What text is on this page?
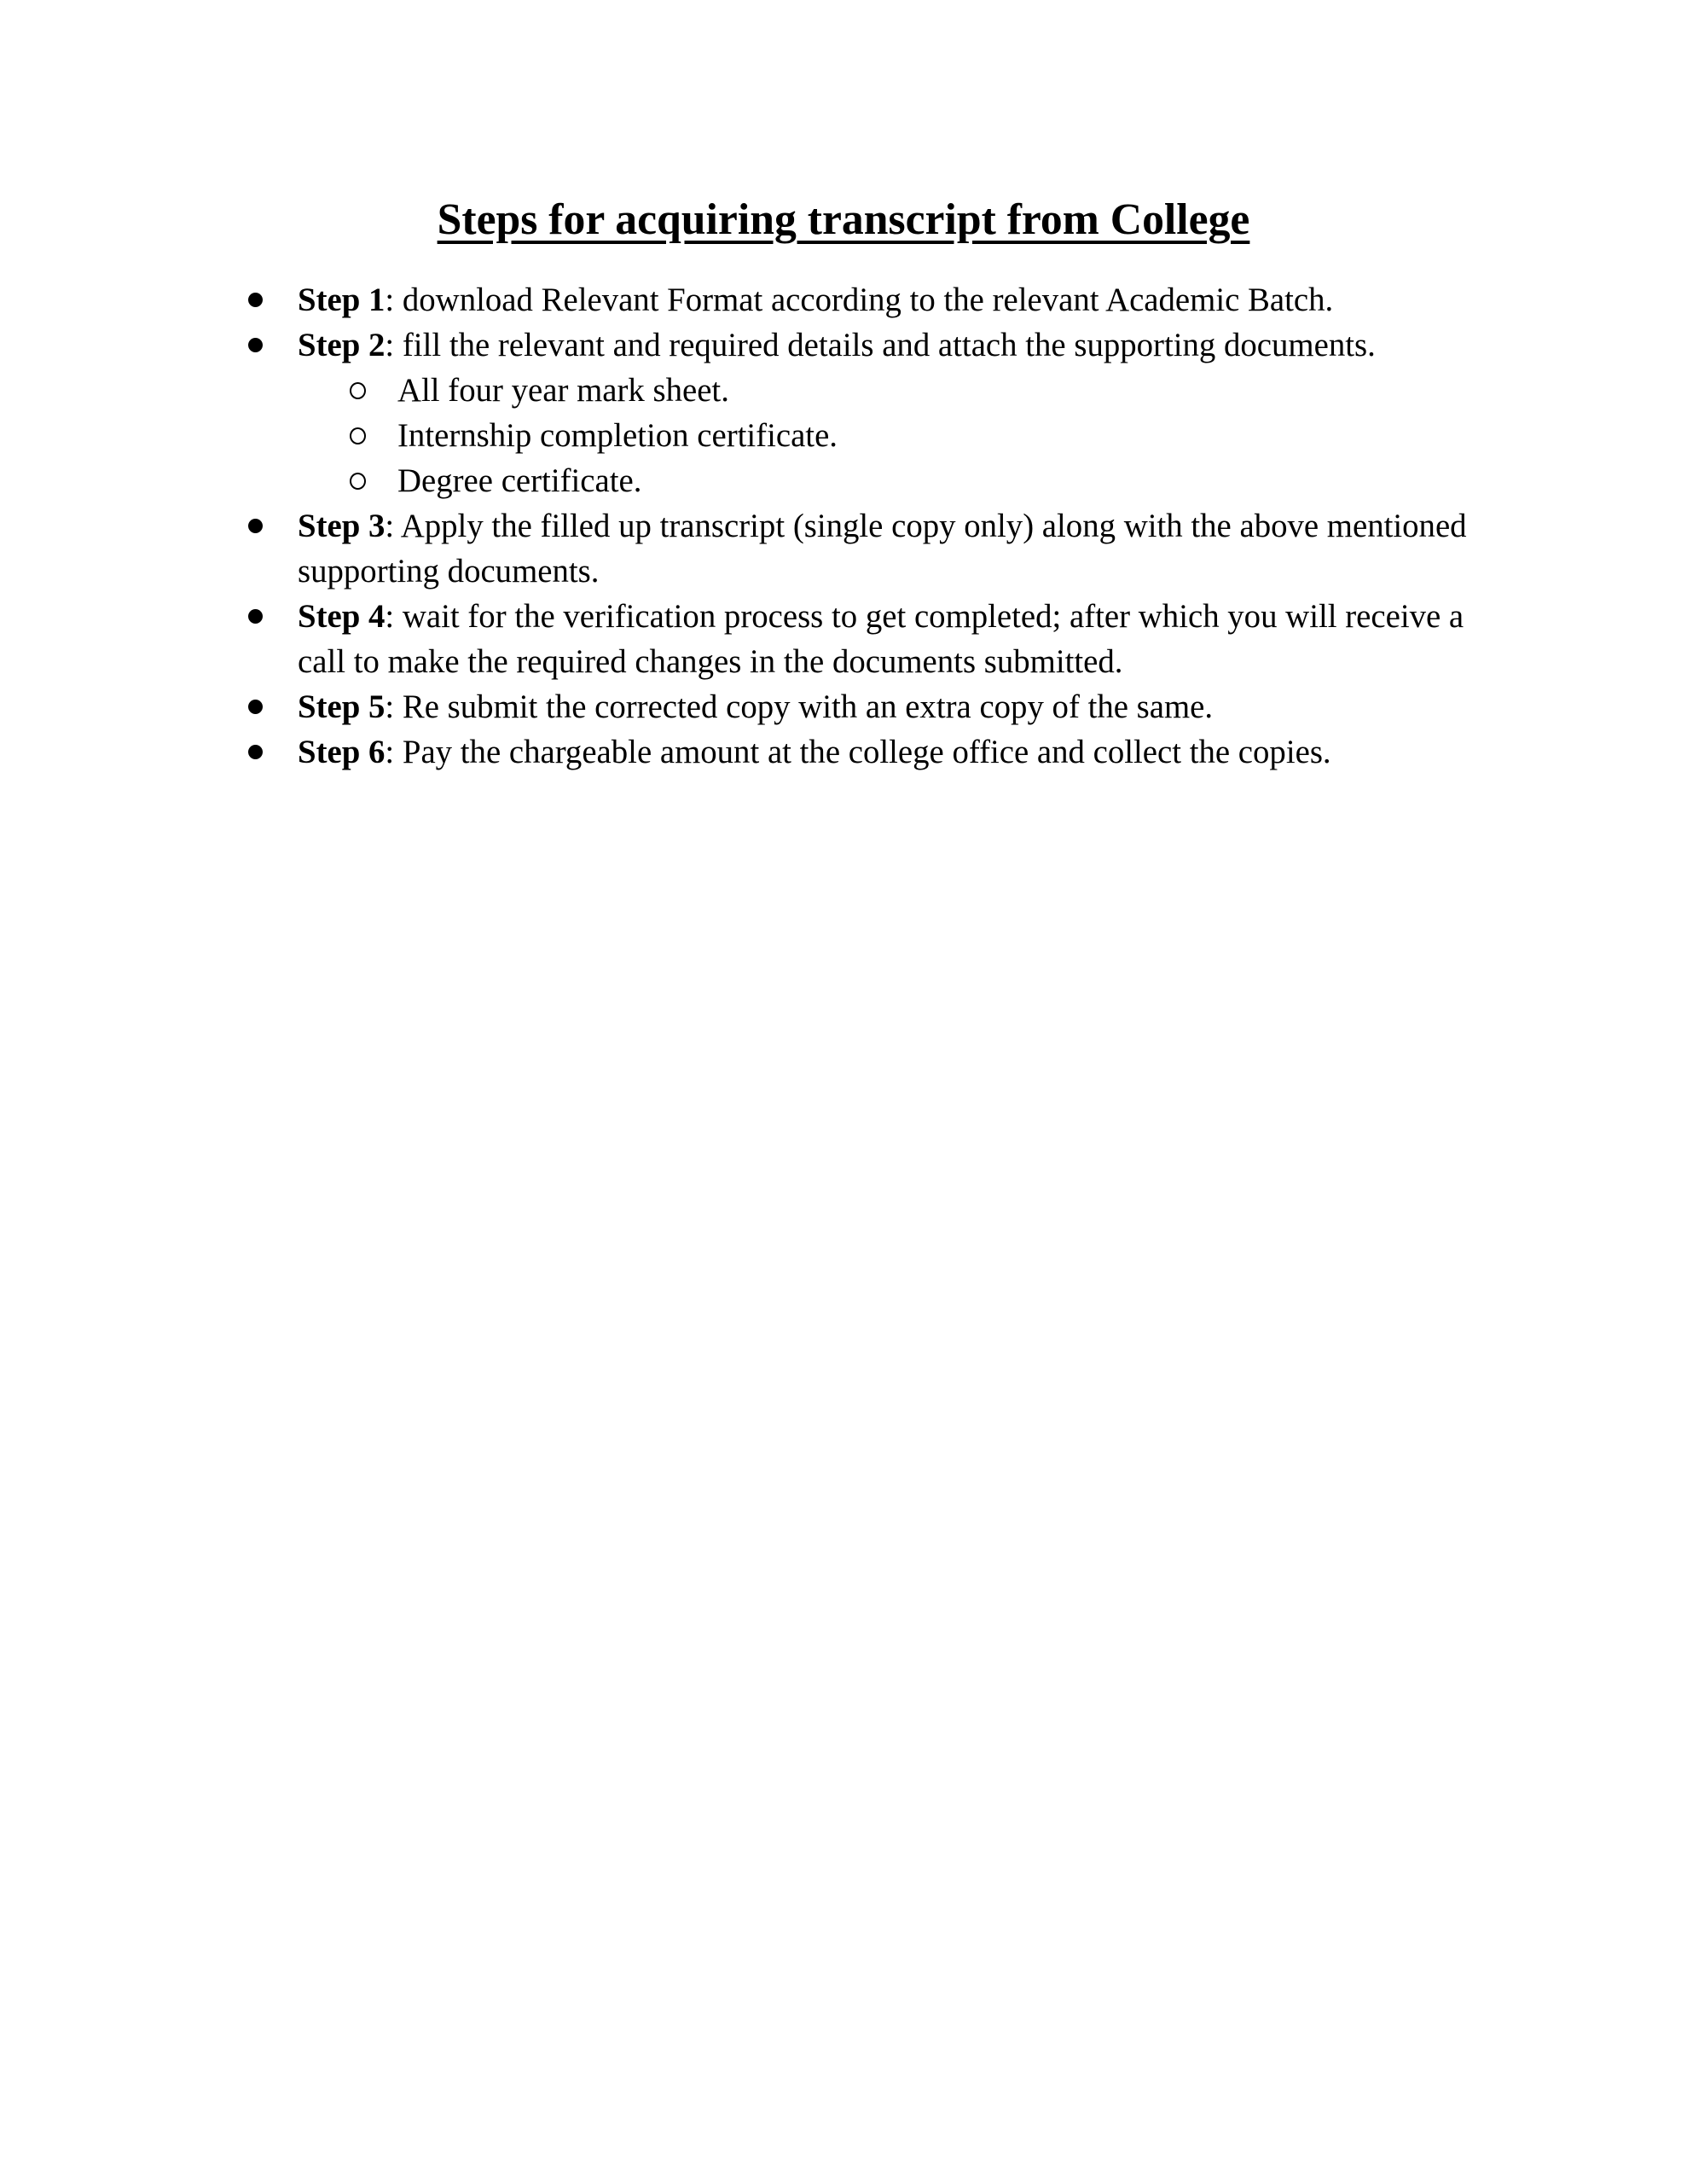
Steps for acquiring transcript from College
Step 1: download Relevant Format according to the relevant Academic Batch.
Step 2: fill the relevant and required details and attach the supporting documents.
All four year mark sheet.
Internship completion certificate.
Degree certificate.
Step 3: Apply the filled up transcript (single copy only) along with the above mentioned supporting documents.
Step 4: wait for the verification process to get completed; after which you will receive a call to make the required changes in the documents submitted.
Step 5: Re submit the corrected copy with an extra copy of the same.
Step 6: Pay the chargeable amount at the college office and collect the copies.
